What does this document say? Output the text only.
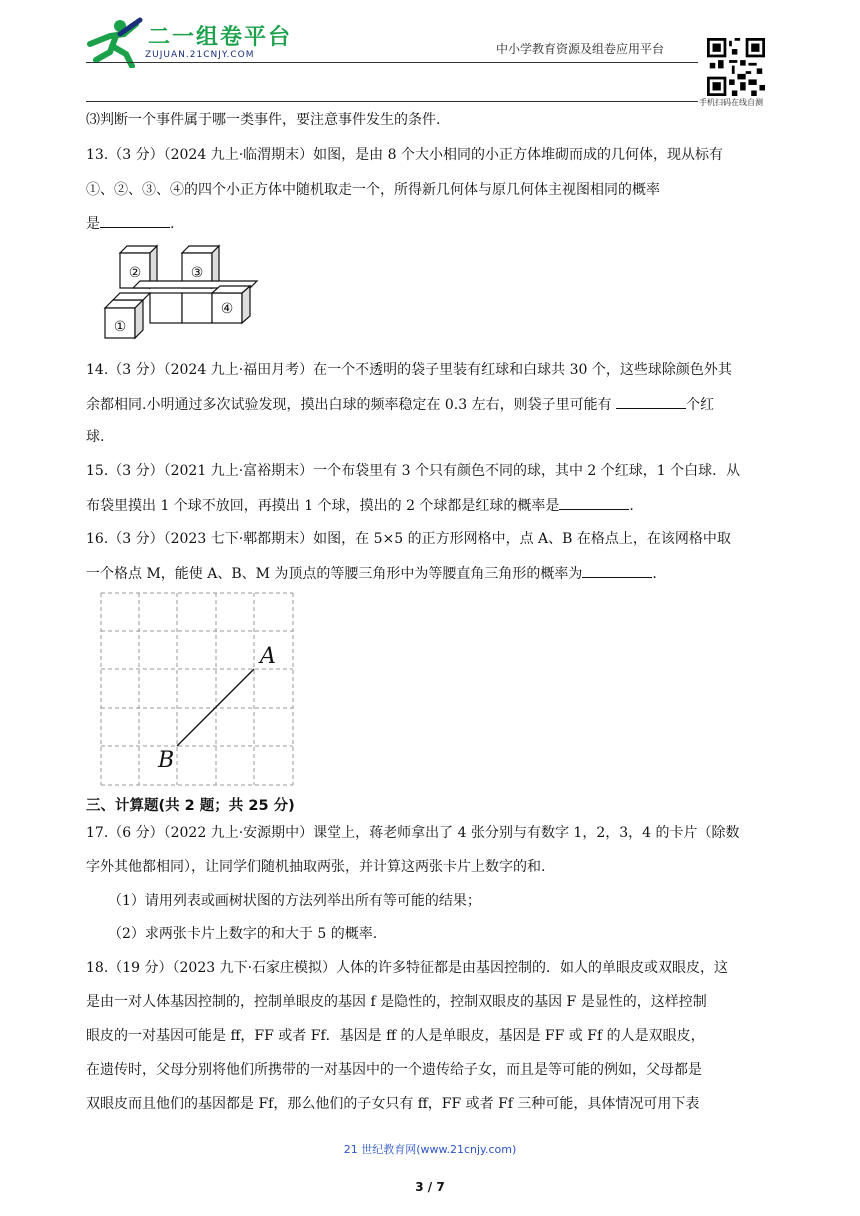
二一组卷平台
ZUJUAN.21CNJY.COM	中小学教育资源及组卷应用平台
手机扫码在线自测
⑶判断一个事件属于哪一类事件，要注意事件发生的条件.
13.（3 分）（2024 九上·临渭期末）如图，是由 8 个大小相同的小正方体堆砌而成的几何体，现从标有
①、②、③、④的四个小正方体中随机取走一个，所得新几何体与原几何体主视图相同的概率
是	.
①
②	③
④
14.（3 分）（2024 九上·福田月考）在一个不透明的袋子里装有红球和白球共 30 个，这些球除颜色外其
余都相同.小明通过多次试验发现，摸出白球的频率稳定在 0.3 左右，则袋子里可能有	个红
球.
15.（3 分）（2021 九上·富裕期末）一个布袋里有 3 个只有颜色不同的球，其中 2 个红球，1 个白球．从
布袋里摸出 1 个球不放回，再摸出 1 个球，摸出的 2 个球都是红球的概率是	.
16.（3 分）（2023 七下·郫都期末）如图，在 5×5 的正方形网格中，点 A、B 在格点上，在该网格中取
一个格点 M，能使 A、B、M 为顶点的等腰三角形中为等腰直角三角形的概率为	.
A
B
三、计算题(共 2 题；共 25 分)
17.（6 分）（2022 九上·安源期中）课堂上，蒋老师拿出了 4 张分别与有数字 1，2，3，4 的卡片（除数
字外其他都相同），让同学们随机抽取两张，并计算这两张卡片上数字的和.
（1）请用列表或画树状图的方法列举出所有等可能的结果；
（2）求两张卡片上数字的和大于 5 的概率.
18.（19 分）（2023 九下·石家庄模拟）人体的许多特征都是由基因控制的．如人的单眼皮或双眼皮，这
是由一对人体基因控制的，控制单眼皮的基因 f 是隐性的，控制双眼皮的基因 F 是显性的，这样控制
眼皮的一对基因可能是 ff，FF 或者 Ff．基因是 ff 的人是单眼皮，基因是 FF 或 Ff 的人是双眼皮，
在遗传时，父母分别将他们所携带的一对基因中的一个遗传给子女，而且是等可能的例如，父母都是
双眼皮而且他们的基因都是 Ff，那么他们的子女只有 ff，FF 或者 Ff 三种可能，具体情况可用下表
21 世纪教育网(www.21cnjy.com)
3 / 7
